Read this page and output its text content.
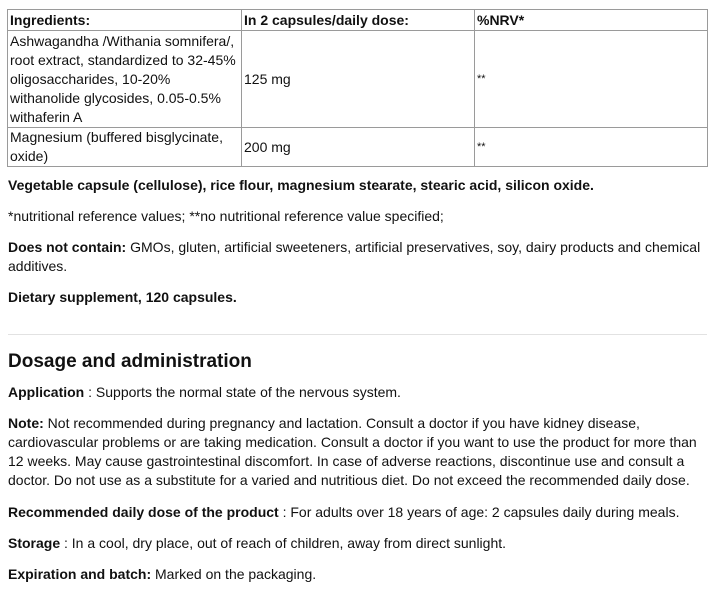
Ingredients:	In 2 capsules/daily dose:	%NRV*
Ashwagandha /Withania somnifera/, root extract, standardized to 32-45% oligosaccharides, 10-20% withanolide glycosides, 0.05-0.5% withaferin A	125 mg	**
Magnesium (buffered bisglycinate, oxide)	200 mg	**

Vegetable capsule (cellulose), rice flour, magnesium stearate, stearic acid, silicon oxide.

*nutritional reference values; **no nutritional reference value specified;

Does not contain: GMOs, gluten, artificial sweeteners, artificial preservatives, soy, dairy products and chemical additives.

Dietary supplement, 120 capsules.

Dosage and administration

Application : Supports the normal state of the nervous system.

Note: Not recommended during pregnancy and lactation. Consult a doctor if you have kidney disease, cardiovascular problems or are taking medication. Consult a doctor if you want to use the product for more than 12 weeks. May cause gastrointestinal discomfort. In case of adverse reactions, discontinue use and consult a doctor. Do not use as a substitute for a varied and nutritious diet. Do not exceed the recommended daily dose.

Recommended daily dose of the product : For adults over 18 years of age: 2 capsules daily during meals.

Storage : In a cool, dry place, out of reach of children, away from direct sunlight.

Expiration and batch: Marked on the packaging.
